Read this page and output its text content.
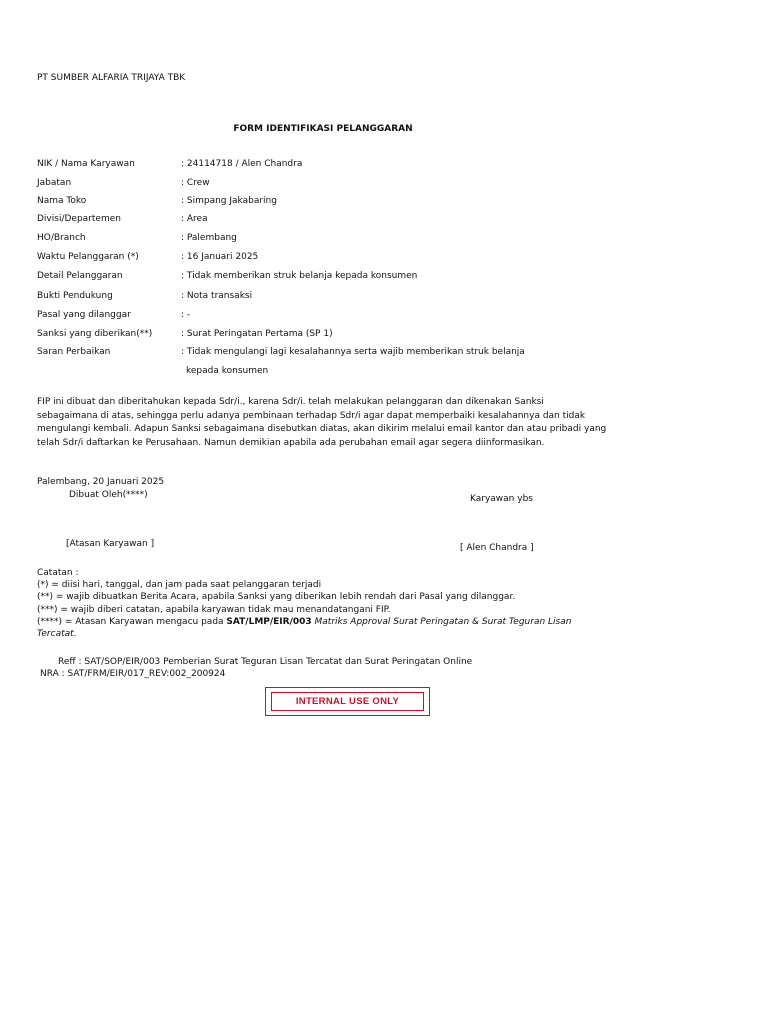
PT SUMBER ALFARIA TRIJAYA TBK
FORM IDENTIFIKASI PELANGGARAN
NIK / Nama Karyawan	: 24114718 / Alen Chandra
Jabatan	: Crew
Nama Toko	: Simpang Jakabaring
Divisi/Departemen	: Area
HO/Branch	: Palembang
Waktu Pelanggaran (*)	: 16 Januari 2025
Detail Pelanggaran	: Tidak memberikan struk belanja kepada konsumen
Bukti Pendukung	: Nota transaksi
Pasal yang dilanggar	: -
Sanksi yang diberikan(**)	: Surat Peringatan Pertama (SP 1)
Saran Perbaikan	: Tidak mengulangi lagi kesalahannya serta wajib memberikan struk belanja
kepada konsumen
FIP ini dibuat dan diberitahukan kepada Sdr/i., karena Sdr/i. telah melakukan pelanggaran dan dikenakan Sanksi sebagaimana di atas, sehingga perlu adanya pembinaan terhadap Sdr/i agar dapat memperbaiki kesalahannya dan tidak mengulangi kembali. Adapun Sanksi sebagaimana disebutkan diatas, akan dikirim melalui email kantor dan atau pribadi yang telah Sdr/i daftarkan ke Perusahaan. Namun demikian apabila ada perubahan email agar segera diinformasikan.
Palembang, 20 Januari 2025
Dibuat Oleh(****)	Karyawan ybs
[Atasan Karyawan ]	[ Alen Chandra ]
Catatan :
(*) = diisi hari, tanggal, dan jam pada saat pelanggaran terjadi
(**) = wajib dibuatkan Berita Acara, apabila Sanksi yang diberikan lebih rendah dari Pasal yang dilanggar.
(***) = wajib diberi catatan, apabila karyawan tidak mau menandatangani FIP.
(****) = Atasan Karyawan mengacu pada SAT/LMP/EIR/003 Matriks Approval Surat Peringatan & Surat Teguran Lisan
Tercatat.
Reff : SAT/SOP/EIR/003 Pemberian Surat Teguran Lisan Tercatat dan Surat Peringatan Online
NRA : SAT/FRM/EIR/017_REV:002_200924
INTERNAL USE ONLY
